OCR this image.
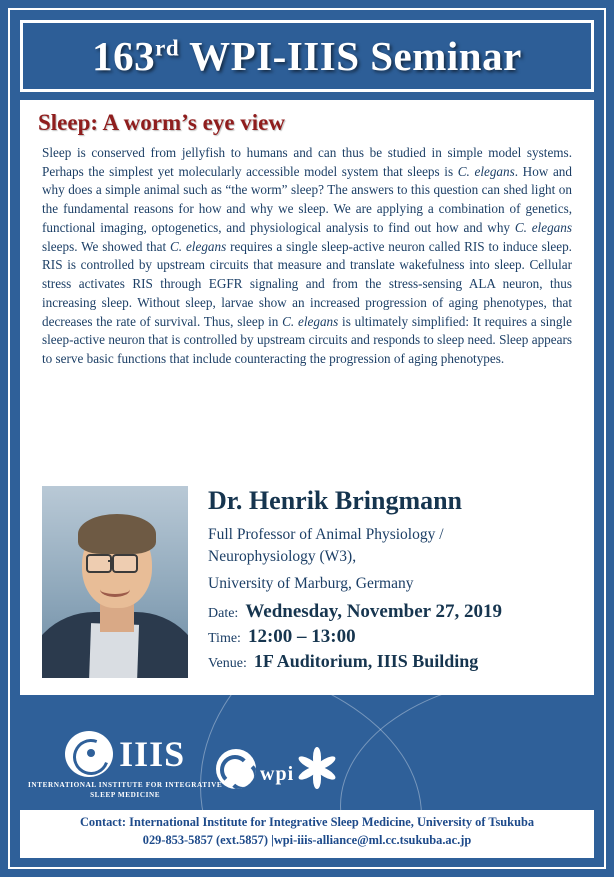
163rd WPI-IIIS Seminar
Sleep: A worm’s eye view
Sleep is conserved from jellyfish to humans and can thus be studied in simple model systems. Perhaps the simplest yet molecularly accessible model system that sleeps is C. elegans. How and why does a simple animal such as “the worm” sleep? The answers to this question can shed light on the fundamental reasons for how and why we sleep. We are applying a combination of genetics, functional imaging, optogenetics, and physiological analysis to find out how and why C. elegans sleeps. We showed that C. elegans requires a single sleep-active neuron called RIS to induce sleep. RIS is controlled by upstream circuits that measure and translate wakefulness into sleep. Cellular stress activates RIS through EGFR signaling and from the stress-sensing ALA neuron, thus increasing sleep. Without sleep, larvae show an increased progression of aging phenotypes, that decreases the rate of survival. Thus, sleep in C. elegans is ultimately simplified: It requires a single sleep-active neuron that is controlled by upstream circuits and responds to sleep need. Sleep appears to serve basic functions that include counteracting the progression of aging phenotypes.
Dr. Henrik Bringmann
Full Professor of Animal Physiology /
Neurophysiology (W3),
University of Marburg, Germany
Date: Wednesday, November 27, 2019
Time: 12:00 – 13:00
Venue: 1F Auditorium, IIIS Building
IIIS
INTERNATIONAL INSTITUTE FOR INTEGRATIVE
SLEEP MEDICINE
wpi
Contact: International Institute for Integrative Sleep Medicine, University of Tsukuba
029-853-5857 (ext.5857) |wpi-iiis-alliance@ml.cc.tsukuba.ac.jp
